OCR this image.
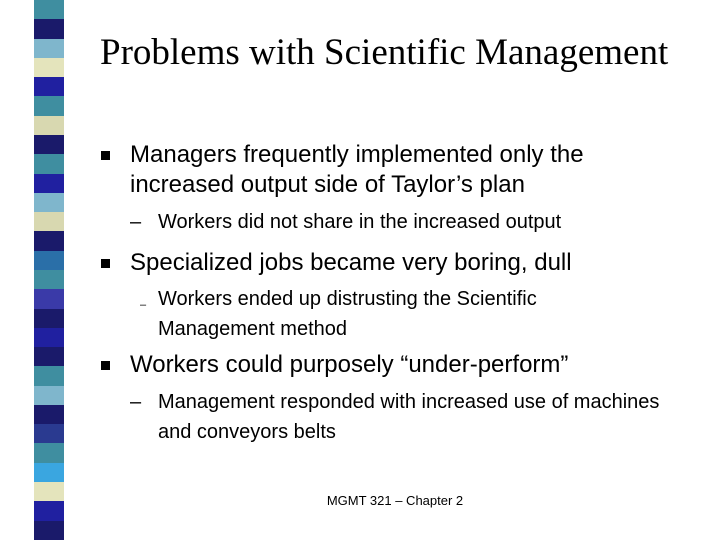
Problems with Scientific Management
Managers frequently implemented only the increased output side of Taylor’s plan
– Workers did not share in the increased output
Specialized jobs became very boring, dull
– Workers ended up distrusting the Scientific Management method
Workers could purposely “under-perform”
– Management responded with increased use of machines and conveyors belts
MGMT 321 – Chapter 2
